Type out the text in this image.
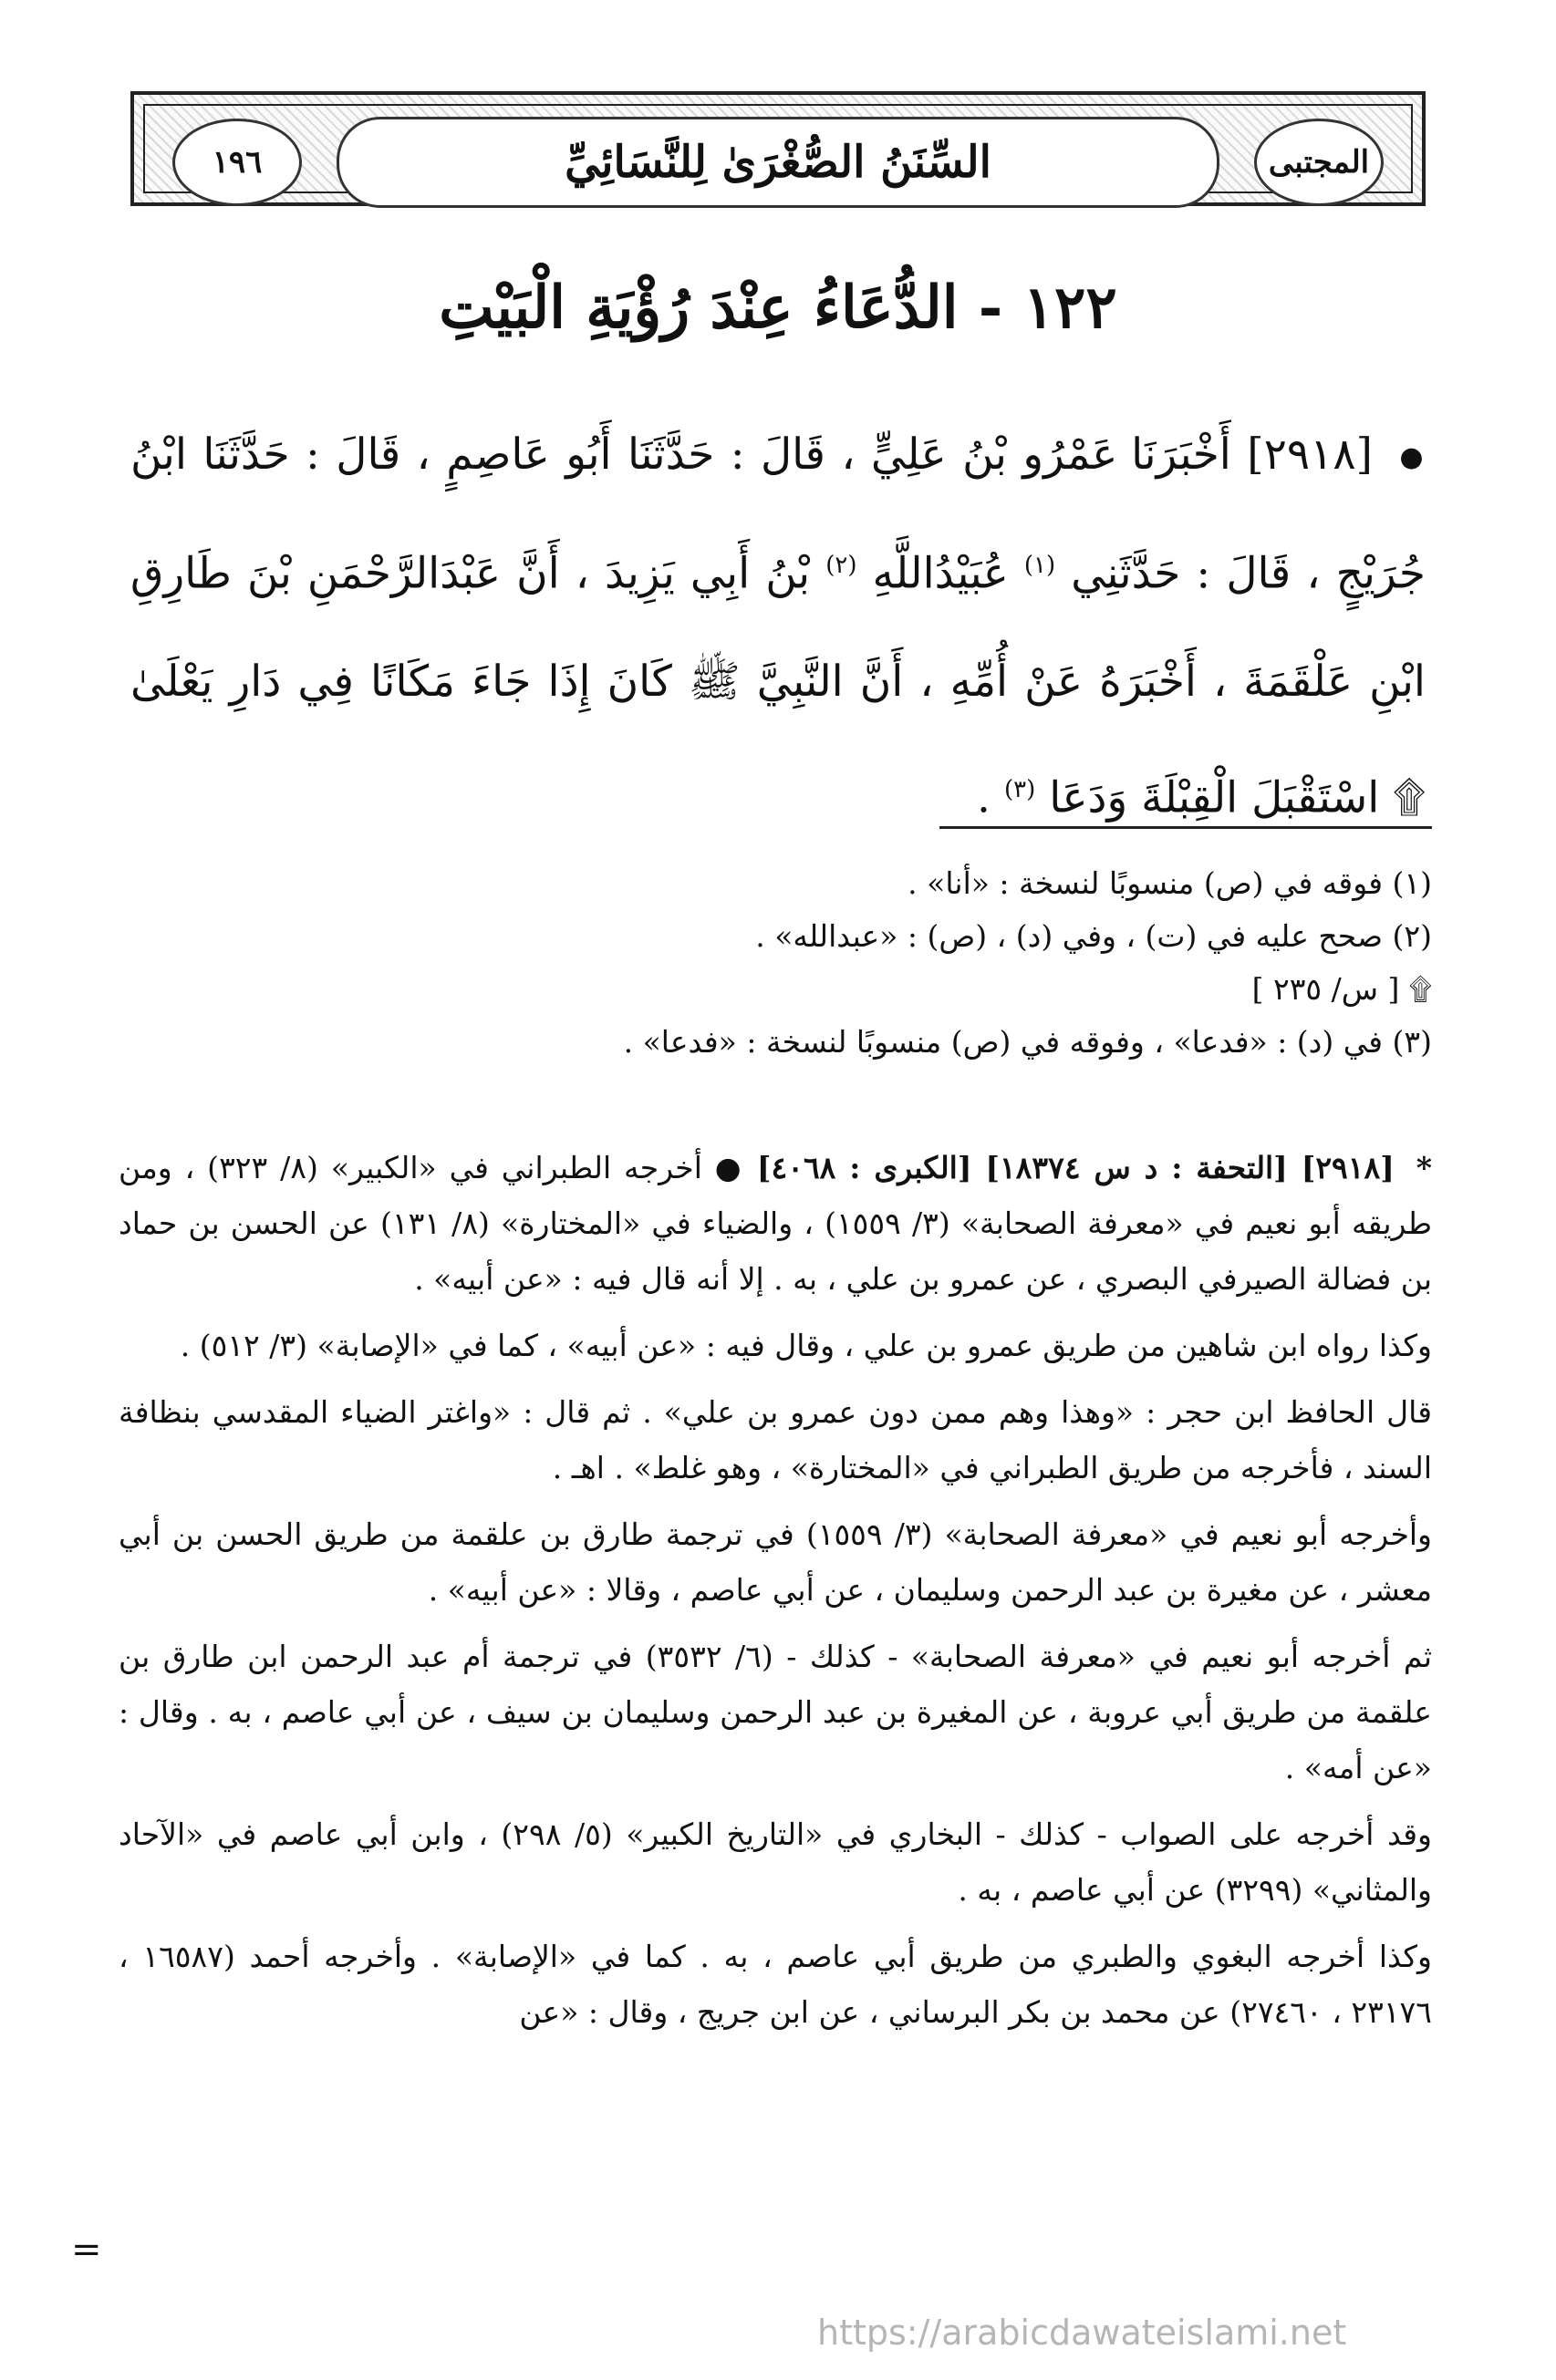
١٩٦	السِّنَنُ الصُّغْرَىٰ لِلنَّسَائِيِّ	المجتبى
١٢٢ - الدُّعَاءُ عِنْدَ رُؤْيَةِ الْبَيْتِ
● [٢٩١٨] أَخْبَرَنَا عَمْرُو بْنُ عَلِيٍّ ، قَالَ : حَدَّثَنَا أَبُو عَاصِمٍ ، قَالَ : حَدَّثَنَا ابْنُ جُرَيْجٍ ، قَالَ : حَدَّثَنِي $^{(١)}$ عُبَيْدُاللَّهِ $^{(٢)}$ بْنُ أَبِي يَزِيدَ ، أَنَّ عَبْدَالرَّحْمَنِ بْنَ طَارِقِ ابْنِ عَلْقَمَةَ ، أَخْبَرَهُ عَنْ أُمِّهِ ، أَنَّ النَّبِيَّ ﷺ كَانَ إِذَا جَاءَ مَكَانًا فِي دَارِ يَعْلَىٰ ۩ اسْتَقْبَلَ الْقِبْلَةَ وَدَعَا $^{(٣)}$ .

(١) فوقه في (ص) منسوبًا لنسخة : «أنا» .

(٢) صحح عليه في (ت) ، وفي (د) ، (ص) : «عبدالله» .

۩ [ س/ ٢٣٥ ]

(٣) في (د) : «فدعا» ، وفوقه في (ص) منسوبًا لنسخة : «فدعا» .

* [٢٩١٨] [التحفة : د س ١٨٣٧٤] [الكبرى : ٤٠٦٨] ● أخرجه الطبراني في «الكبير» (٨/ ٣٢٣) ، ومن طريقه أبو نعيم في «معرفة الصحابة» (٣/ ١٥٥٩) ، والضياء في «المختارة» (٨/ ١٣١) عن الحسن بن حماد بن فضالة الصيرفي البصري ، عن عمرو بن علي ، به . إلا أنه قال فيه : «عن أبيه» .

وكذا رواه ابن شاهين من طريق عمرو بن علي ، وقال فيه : «عن أبيه» ، كما في «الإصابة» (٣/ ٥١٢) .

قال الحافظ ابن حجر : «وهذا وهم ممن دون عمرو بن علي» . ثم قال : «واغتر الضياء المقدسي بنظافة السند ، فأخرجه من طريق الطبراني في «المختارة» ، وهو غلط» . اهـ .

وأخرجه أبو نعيم في «معرفة الصحابة» (٣/ ١٥٥٩) في ترجمة طارق بن علقمة من طريق الحسن بن أبي معشر ، عن مغيرة بن عبد الرحمن وسليمان ، عن أبي عاصم ، وقالا : «عن أبيه» .

ثم أخرجه أبو نعيم في «معرفة الصحابة» - كذلك - (٦/ ٣٥٣٢) في ترجمة أم عبد الرحمن ابن طارق بن علقمة من طريق أبي عروبة ، عن المغيرة بن عبد الرحمن وسليمان بن سيف ، عن أبي عاصم ، به . وقال : «عن أمه» .

وقد أخرجه على الصواب - كذلك - البخاري في «التاريخ الكبير» (٥/ ٢٩٨) ، وابن أبي عاصم في «الآحاد والمثاني» (٣٢٩٩) عن أبي عاصم ، به .

وكذا أخرجه البغوي والطبري من طريق أبي عاصم ، به . كما في «الإصابة» . وأخرجه أحمد (١٦٥٨٧ ، ٢٣١٧٦ ، ٢٧٤٦٠) عن محمد بن بكر البرساني ، عن ابن جريج ، وقال : «عن

=
https://arabicdawateislami.net
